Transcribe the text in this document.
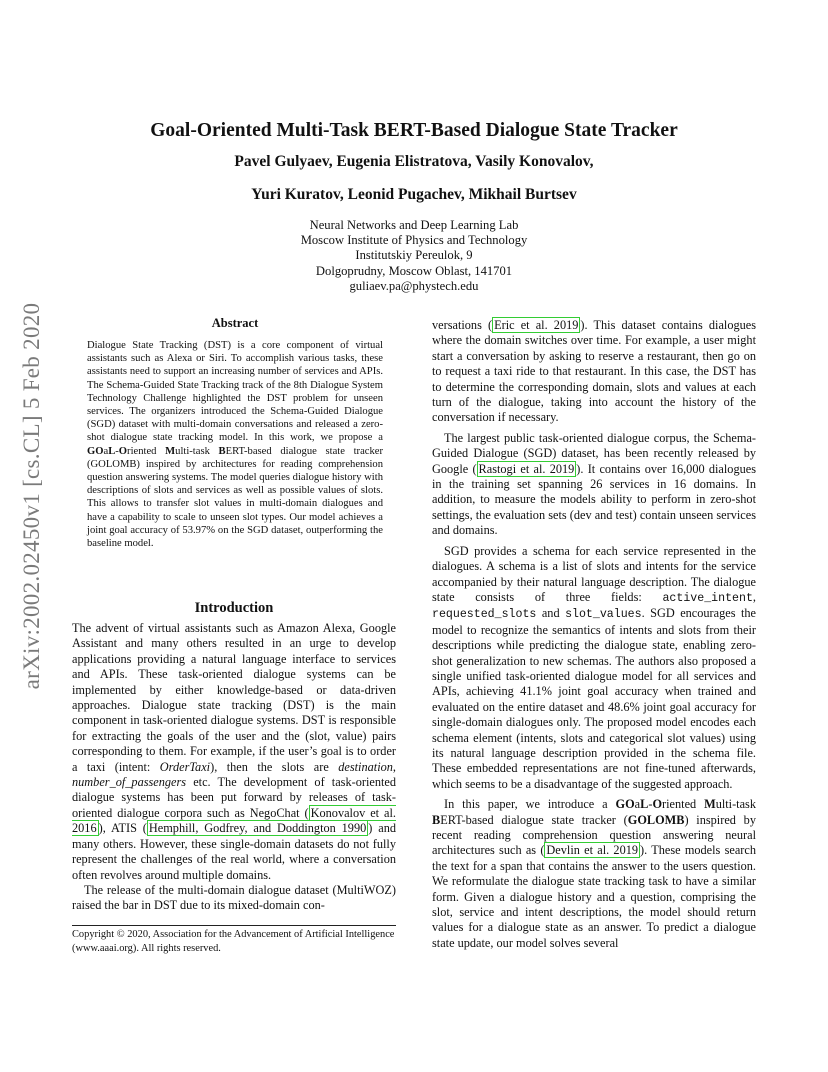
arXiv:2002.02450v1 [cs.CL] 5 Feb 2020
Goal-Oriented Multi-Task BERT-Based Dialogue State Tracker

Pavel Gulyaev, Eugenia Elistratova, Vasily Konovalov,

Yuri Kuratov, Leonid Pugachev, Mikhail Burtsev

Neural Networks and Deep Learning Lab
Moscow Institute of Physics and Technology
Institutskiy Pereulok, 9
Dolgoprudny, Moscow Oblast, 141701
guliaev.pa@phystech.edu
Abstract

Dialogue State Tracking (DST) is a core component of virtual assistants such as Alexa or Siri. To accomplish various tasks, these assistants need to support an increasing number of services and APIs. The Schema-Guided State Tracking track of the 8th Dialogue System Technology Challenge highlighted the DST problem for unseen services. The organizers introduced the Schema-Guided Dialogue (SGD) dataset with multi-domain conversations and released a zero-shot dialogue state tracking model. In this work, we propose a GOaL-Oriented Multi-task BERT-based dialogue state tracker (GOLOMB) inspired by architectures for reading comprehension question answering systems. The model queries dialogue history with descriptions of slots and services as well as possible values of slots. This allows to transfer slot values in multi-domain dialogues and have a capability to scale to unseen slot types. Our model achieves a joint goal accuracy of 53.97% on the SGD dataset, outperforming the baseline model.

Introduction

The advent of virtual assistants such as Amazon Alexa, Google Assistant and many others resulted in an urge to develop applications providing a natural language interface to services and APIs. These task-oriented dialogue systems can be implemented by either knowledge-based or data-driven approaches. Dialogue state tracking (DST) is the main component in task-oriented dialogue systems. DST is responsible for extracting the goals of the user and the (slot, value) pairs corresponding to them. For example, if the user’s goal is to order a taxi (intent: OrderTaxi), then the slots are destination, number_of_passengers etc. The development of task-oriented dialogue systems has been put forward by releases of task-oriented dialogue corpora such as NegoChat ( Konovalov et al. 2016 ), ATIS ( Hemphill, Godfrey, and Doddington 1990 ) and many others. However, these single-domain datasets do not fully represent the challenges of the real world, where a conversation often revolves around multiple domains.

The release of the multi-domain dialogue dataset (MultiWOZ) raised the bar in DST due to its mixed-domain con-

Copyright © 2020, Association for the Advancement of Artificial Intelligence (www.aaai.org). All rights reserved.

versations ( Eric et al. 2019 ). This dataset contains dialogues where the domain switches over time. For example, a user might start a conversation by asking to reserve a restaurant, then go on to request a taxi ride to that restaurant. In this case, the DST has to determine the corresponding domain, slots and values at each turn of the dialogue, taking into account the history of the conversation if necessary.

The largest public task-oriented dialogue corpus, the Schema-Guided Dialogue (SGD) dataset, has been recently released by Google ( Rastogi et al. 2019 ). It contains over 16,000 dialogues in the training set spanning 26 services in 16 domains. In addition, to measure the models ability to perform in zero-shot settings, the evaluation sets (dev and test) contain unseen services and domains.

SGD provides a schema for each service represented in the dialogues. A schema is a list of slots and intents for the service accompanied by their natural language description. The dialogue state consists of three fields: active_intent, requested_slots and slot_values. SGD encourages the model to recognize the semantics of intents and slots from their descriptions while predicting the dialogue state, enabling zero-shot generalization to new schemas. The authors also proposed a single unified task-oriented dialogue model for all services and APIs, achieving 41.1% joint goal accuracy when trained and evaluated on the entire dataset and 48.6% joint goal accuracy for single-domain dialogues only. The proposed model encodes each schema element (intents, slots and categorical slot values) using its natural language description provided in the schema file. These embedded representations are not fine-tuned afterwards, which seems to be a disadvantage of the suggested approach.

In this paper, we introduce a GOaL-Oriented Multi-task BERT-based dialogue state tracker (GOLOMB) inspired by recent reading comprehension question answering neural architectures such as ( Devlin et al. 2019 ). These models search the text for a span that contains the answer to the users question. We reformulate the dialogue state tracking task to have a similar form. Given a dialogue history and a question, comprising the slot, service and intent descriptions, the model should return values for a dialogue state as an answer. To predict a dialogue state update, our model solves several
